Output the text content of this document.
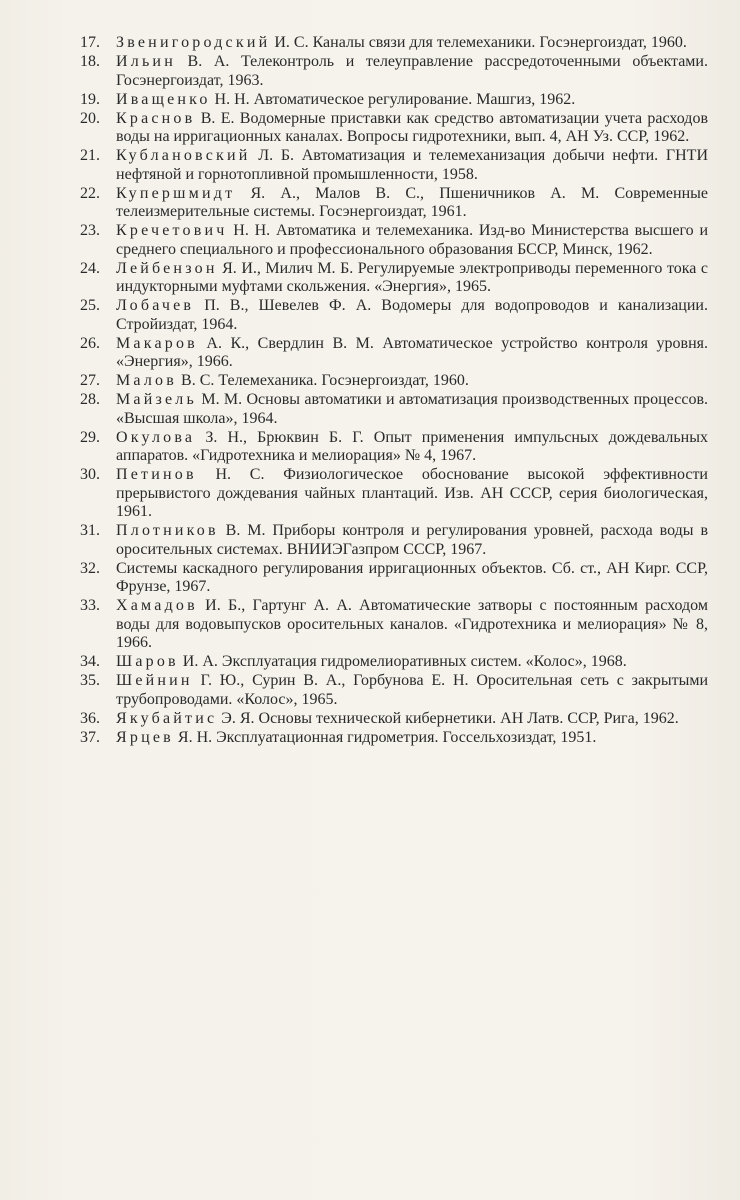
17.	Звенигородский И. С. Каналы связи для телемеханики. Госэнергоиздат, 1960.
18.	Ильин В. А. Телеконтроль и телеуправление рассредоточенными объектами. Госэнергоиздат, 1963.
19.	Иващенко Н. Н. Автоматическое регулирование. Машгиз, 1962.
20.	Краснов В. Е. Водомерные приставки как средство автоматизации учета расходов воды на ирригационных каналах. Вопросы гидротехники, вып. 4, АН Уз. ССР, 1962.
21.	Кублановский Л. Б. Автоматизация и телемеханизация добычи нефти. ГНТИ нефтяной и горнотопливной промышленности, 1958.
22.	Купершмидт Я. А., Малов В. С., Пшеничников А. М. Современные телеизмерительные системы. Госэнергоиздат, 1961.
23.	Кречетович Н. Н. Автоматика и телемеханика. Изд-во Министерства высшего и среднего специального и профессионального образования БССР, Минск, 1962.
24.	Лейбензон Я. И., Милич М. Б. Регулируемые электроприводы переменного тока с индукторными муфтами скольжения. «Энергия», 1965.
25.	Лобачев П. В., Шевелев Ф. А. Водомеры для водопроводов и канализации. Стройиздат, 1964.
26.	Макаров А. К., Свердлин В. М. Автоматическое устройство контроля уровня. «Энергия», 1966.
27.	Малов В. С. Телемеханика. Госэнергоиздат, 1960.
28.	Майзель М. М. Основы автоматики и автоматизация производственных процессов. «Высшая школа», 1964.
29.	Окулова З. Н., Брюквин Б. Г. Опыт применения импульсных дождевальных аппаратов. «Гидротехника и мелиорация» № 4, 1967.
30.	Петинов Н. С. Физиологическое обоснование высокой эффективности прерывистого дождевания чайных плантаций. Изв. АН СССР, серия биологическая, 1961.
31.	Плотников В. М. Приборы контроля и регулирования уровней, расхода воды в оросительных системах. ВНИИЭГазпром СССР, 1967.
32.	Системы каскадного регулирования ирригационных объектов. Сб. ст., АН Кирг. ССР, Фрунзе, 1967.
33.	Хамадов И. Б., Гартунг А. А. Автоматические затворы с постоянным расходом воды для водовыпусков оросительных каналов. «Гидротехника и мелиорация» № 8, 1966.
34.	Шаров И. А. Эксплуатация гидромелиоративных систем. «Колос», 1968.
35.	Шейнин Г. Ю., Сурин В. А., Горбунова Е. Н. Оросительная сеть с закрытыми трубопроводами. «Колос», 1965.
36.	Якубайтис Э. Я. Основы технической кибернетики. АН Латв. ССР, Рига, 1962.
37.	Ярцев Я. Н. Эксплуатационная гидрометрия. Госсельхозиздат, 1951.
